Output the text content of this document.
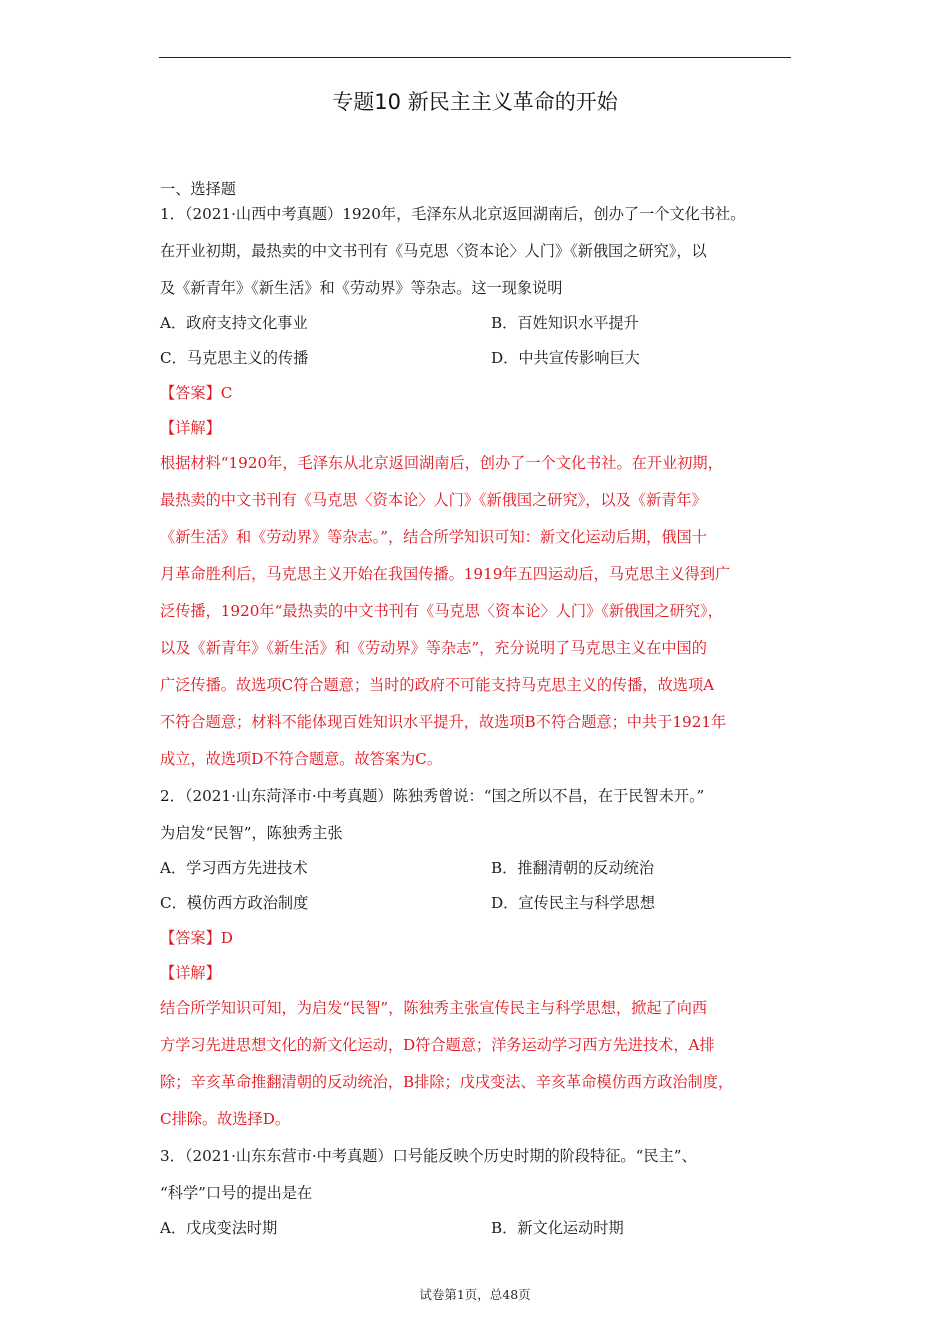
专题10 新民主主义革命的开始
一、选择题
1．（2021·山西中考真题）1920年，毛泽东从北京返回湖南后，创办了一个文化书社。
在开业初期，最热卖的中文书刊有《马克思〈资本论〉人门》《新俄国之研究》，以
及《新青年》《新生活》和《劳动界》等杂志。这一现象说明
A．政府支持文化事业	B．百姓知识水平提升
C．马克思主义的传播	D．中共宣传影响巨大
【答案】C
【详解】
根据材料“1920年，毛泽东从北京返回湖南后，创办了一个文化书社。在开业初期，
最热卖的中文书刊有《马克思〈资本论〉人门》《新俄国之研究》，以及《新青年》
《新生活》和《劳动界》等杂志。”，结合所学知识可知：新文化运动后期，俄国十
月革命胜利后，马克思主义开始在我国传播。1919年五四运动后，马克思主义得到广
泛传播，1920年“最热卖的中文书刊有《马克思〈资本论〉人门》《新俄国之研究》，
以及《新青年》《新生活》和《劳动界》等杂志”，充分说明了马克思主义在中国的
广泛传播。故选项C符合题意；当时的政府不可能支持马克思主义的传播，故选项A
不符合题意；材料不能体现百姓知识水平提升，故选项B不符合题意；中共于1921年
成立，故选项D不符合题意。故答案为C。
2．（2021·山东菏泽市·中考真题）陈独秀曾说：“国之所以不昌，在于民智未开。”
为启发“民智”，陈独秀主张
A．学习西方先进技术	B．推翻清朝的反动统治
C．模仿西方政治制度	D．宣传民主与科学思想
【答案】D
【详解】
结合所学知识可知，为启发“民智”，陈独秀主张宣传民主与科学思想，掀起了向西
方学习先进思想文化的新文化运动，D符合题意；洋务运动学习西方先进技术，A排
除；辛亥革命推翻清朝的反动统治，B排除；戊戌变法、辛亥革命模仿西方政治制度，
C排除。故选择D。
3．（2021·山东东营市·中考真题）口号能反映个历史时期的阶段特征。“民主”、
“科学”口号的提出是在
A．戊戌变法时期	B．新文化运动时期
试卷第1页，总48页
